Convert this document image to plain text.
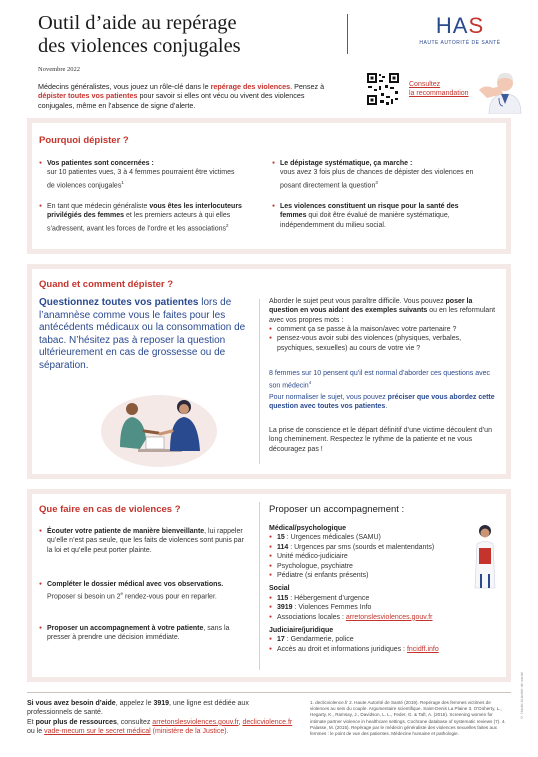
Outil d’aide au repérage
des violences conjugales
Novembre 2022
Médecins généralistes, vous jouez un rôle-clé dans le repérage des violences. Pensez à dépister toutes vos patientes pour savoir si elles ont vécu ou vivent des violences conjugales, même en l’absence de signe d’alerte.
HAS
HAUTE AUTORITÉ DE SANTÉ
Consultez
la recommandation
Pourquoi dépister ?
● Vos patientes sont concernées :
sur 10 patientes vues, 3 à 4 femmes pourraient être victimes de violences conjugales$^1$
● En tant que médecin généraliste vous êtes les interlocuteurs privilégiés des femmes et les premiers acteurs à qui elles s’adressent, avant les forces de l’ordre et les associations$^2$
● Le dépistage systématique, ça marche :
vous avez 3 fois plus de chances de dépister des violences en posant directement la question$^3$
● Les violences constituent un risque pour la santé des femmes qui doit être évalué de manière systématique, indépendemment du milieu social.
Quand et comment dépister ?
Questionnez toutes vos patientes lors de l’anamnèse comme vous le faites pour les antécédents médicaux ou la consommation de tabac. N’hésitez pas à reposer la question ultérieurement en cas de grossesse ou de séparation.
Aborder le sujet peut vous paraître difficile. Vous pouvez poser la question en vous aidant des exemples suivants ou en les reformulant avec vos propres mots :
● comment ça se passe à la maison/avec votre partenaire ?
● pensez-vous avoir subi des violences (physiques, verbales, psychiques, sexuelles) au cours de votre vie ?
8 femmes sur 10 pensent qu’il est normal d’aborder ces questions avec son médecin$^4$
Pour normaliser le sujet, vous pouvez préciser que vous abordez cette question avec toutes vos patientes.
La prise de conscience et le départ définitif d’une victime découlent d’un long cheminement. Respectez le rythme de la patiente et ne vous découragez pas !
Que faire en cas de violences ?
● Écouter votre patiente de manière bienveillante, lui rappeler qu’elle n’est pas seule, que les faits de violences sont punis par la loi et qu’elle peut porter plainte.
● Compléter le dossier médical avec vos observations. Proposer si besoin un 2e rendez-vous pour en reparler.
● Proposer un accompagnement à votre patiente, sans la presser à prendre une décision immédiate.
Proposer un accompagnement :
Médical/psychologique
● 15 : Urgences médicales (SAMU)
● 114 : Urgences par sms (sourds et malentendants)
● Unité médico-judiciaire
● Psychologue, psychiatre
● Pédiatre (si enfants présents)
Social
● 115 : Hébergement d’urgence
● 3919 : Violences Femmes Info
● Associations locales : arretonslesviolences.gouv.fr
Judiciaire/juridique
● 17 : Gendarmerie, police
● Accès au droit et informations juridiques : fncidff.info
Si vous avez besoin d’aide, appelez le 3919, une ligne est dédiée aux professionnels de santé.
Et pour plus de ressources, consultez arretonslesviolences.gouv.fr, declicviolence.fr ou le vade-mecum sur le secret médical (ministère de la Justice).
1. declicviolence.fr 2. Haute Autorité de Santé (2019). Repérage des femmes victimes de violences au sein du couple. Argumentaire scientifique. Saint-Denis La Plaine 3. O’Doherty, L., Hegarty, K., Ramsay, J., Davidson, L. L., Feder, G. & Taft, A. (2015). Screening women for intimate partner violence in healthcare settings. Cochrane database of systematic reviews (7). 4. Palasse, M. (2015). Repérage par le médecin généraliste des violences sexuelles faites aux femmes : le point de vue des patientes. Médecine humaine et pathologie.
© Haute Autorité de santé
